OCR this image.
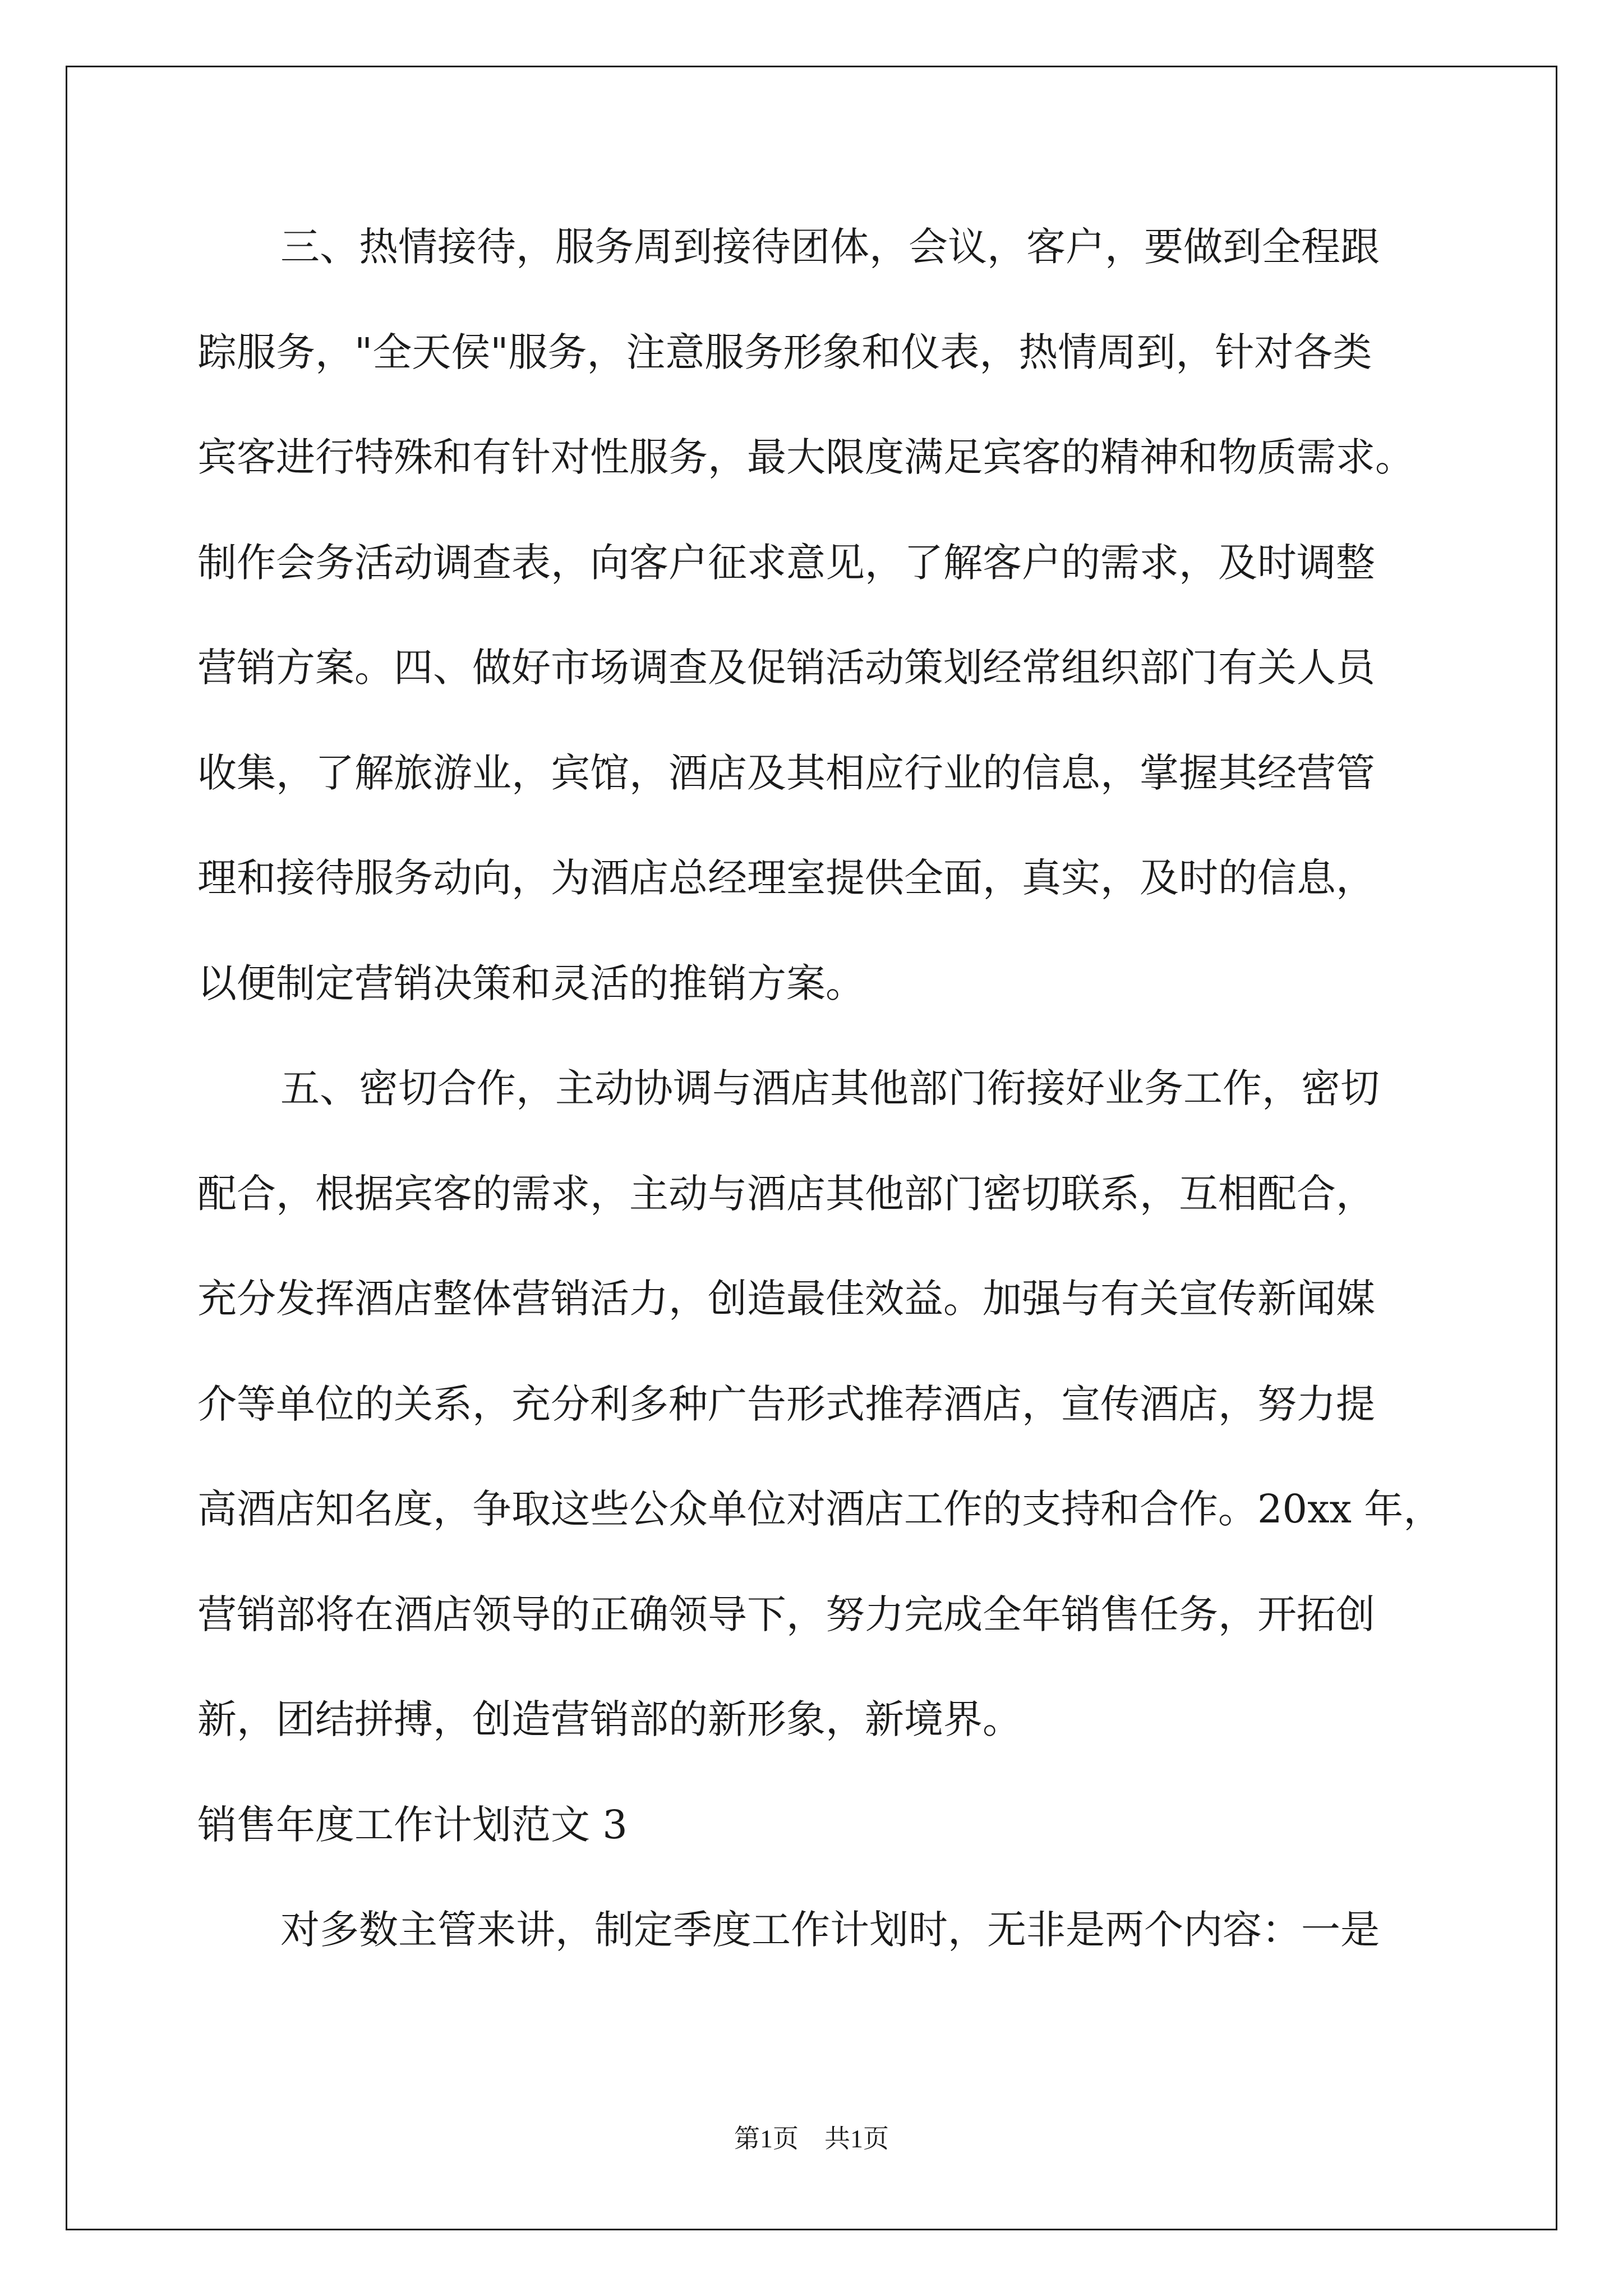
三、热情接待，服务周到接待团体，会议，客户，要做到全程跟

踪服务，"全天侯"服务，注意服务形象和仪表，热情周到，针对各类

宾客进行特殊和有针对性服务，最大限度满足宾客的精神和物质需求。

制作会务活动调查表，向客户征求意见，了解客户的需求，及时调整

营销方案。四、做好市场调查及促销活动策划经常组织部门有关人员

收集，了解旅游业，宾馆，酒店及其相应行业的信息，掌握其经营管

理和接待服务动向，为酒店总经理室提供全面，真实，及时的信息，

以便制定营销决策和灵活的推销方案。

五、密切合作，主动协调与酒店其他部门衔接好业务工作，密切

配合，根据宾客的需求，主动与酒店其他部门密切联系，互相配合，

充分发挥酒店整体营销活力，创造最佳效益。加强与有关宣传新闻媒

介等单位的关系，充分利多种广告形式推荐酒店，宣传酒店，努力提

高酒店知名度，争取这些公众单位对酒店工作的支持和合作。20xx 年，

营销部将在酒店领导的正确领导下，努力完成全年销售任务，开拓创

新，团结拼搏，创造营销部的新形象，新境界。

销售年度工作计划范文 3

对多数主管来讲，制定季度工作计划时，无非是两个内容：一是

第1页 共1页
